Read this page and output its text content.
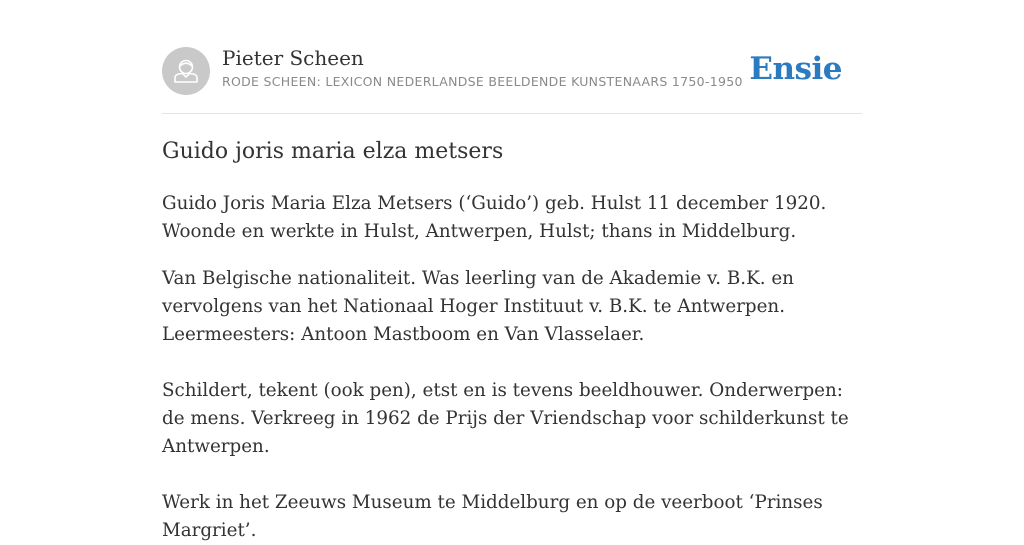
Pieter Scheen
RODE SCHEEN: LEXICON NEDERLANDSE BEELDENDE KUNSTENAARS 1750-1950 Ensie
Guido joris maria elza metsers

Guido Joris Maria Elza Metsers (‘Guido’) geb. Hulst 11 december 1920. Woonde en werkte in Hulst, Antwerpen, Hulst; thans in Middelburg.

Van Belgische nationaliteit. Was leerling van de Akademie v. B.K. en vervolgens van het Nationaal Hoger Instituut v. B.K. te Antwerpen. Leermeesters: Antoon Mastboom en Van Vlasselaer.

Schildert, tekent (ook pen), etst en is tevens beeldhouwer. Onderwerpen: de mens. Verkreeg in 1962 de Prijs der Vriendschap voor schilderkunst te Antwerpen.

Werk in het Zeeuws Museum te Middelburg en op de veerboot ‘Prinses Margriet’.
